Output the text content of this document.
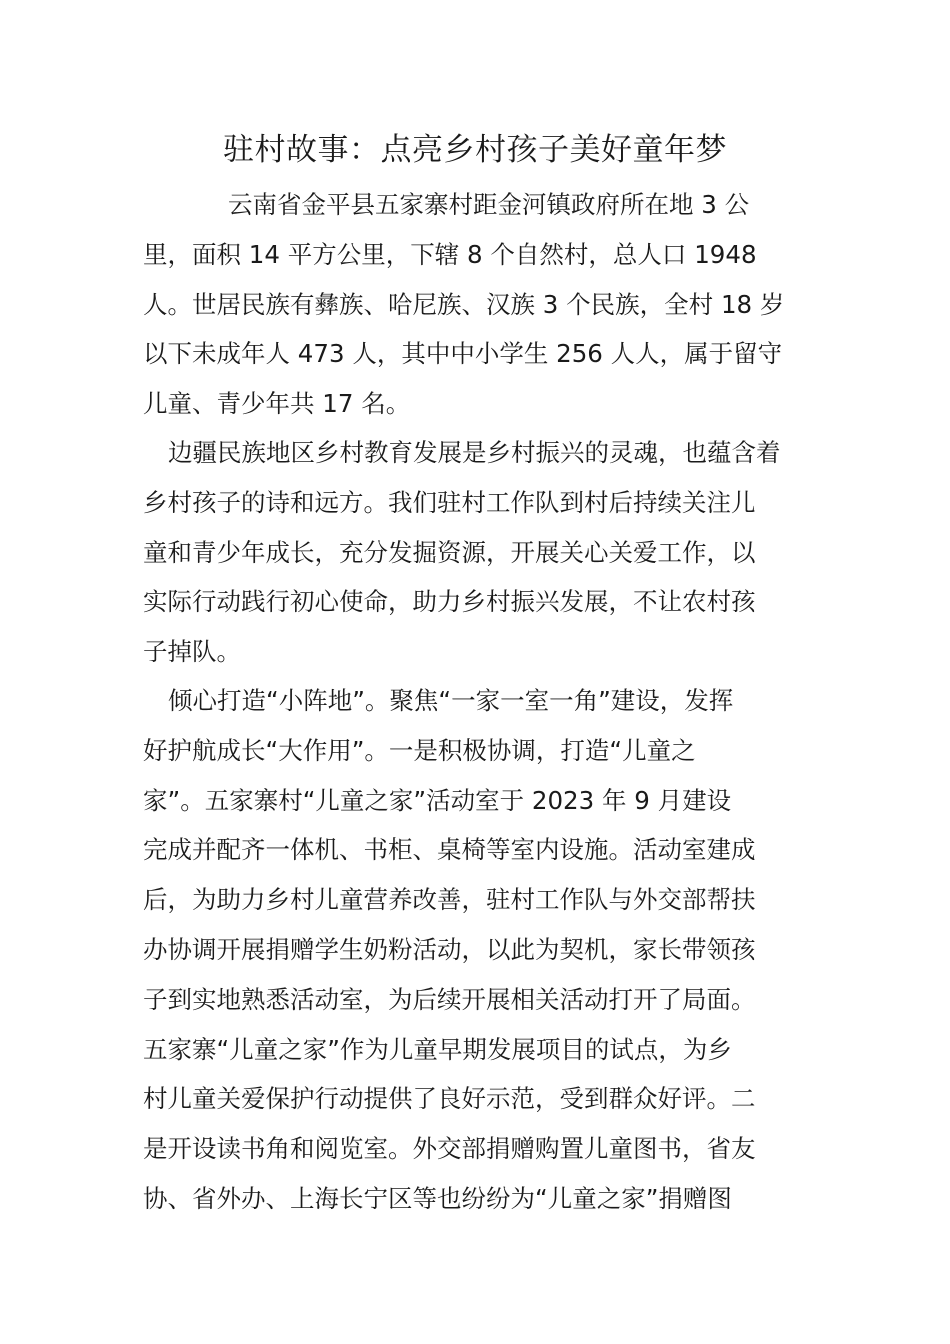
驻村故事：点亮乡村孩子美好童年梦
云南省金平县五家寨村距金河镇政府所在地 3 公
里，面积 14 平方公里，下辖 8 个自然村，总人口 1948
人。世居民族有彝族、哈尼族、汉族 3 个民族，全村 18 岁
以下未成年人 473 人，其中中小学生 256 人人，属于留守
儿童、青少年共 17 名。
边疆民族地区乡村教育发展是乡村振兴的灵魂，也蕴含着
乡村孩子的诗和远方。我们驻村工作队到村后持续关注儿
童和青少年成长，充分发掘资源，开展关心关爱工作，以
实际行动践行初心使命，助力乡村振兴发展，不让农村孩
子掉队。
倾心打造“小阵地”。聚焦“一家一室一角”建设，发挥
好护航成长“大作用”。一是积极协调，打造“儿童之
家”。五家寨村“儿童之家”活动室于 2023 年 9 月建设
完成并配齐一体机、书柜、桌椅等室内设施。活动室建成
后，为助力乡村儿童营养改善，驻村工作队与外交部帮扶
办协调开展捐赠学生奶粉活动，以此为契机，家长带领孩
子到实地熟悉活动室，为后续开展相关活动打开了局面。
五家寨“儿童之家”作为儿童早期发展项目的试点，为乡
村儿童关爱保护行动提供了良好示范，受到群众好评。二
是开设读书角和阅览室。外交部捐赠购置儿童图书，省友
协、省外办、上海长宁区等也纷纷为“儿童之家”捐赠图
